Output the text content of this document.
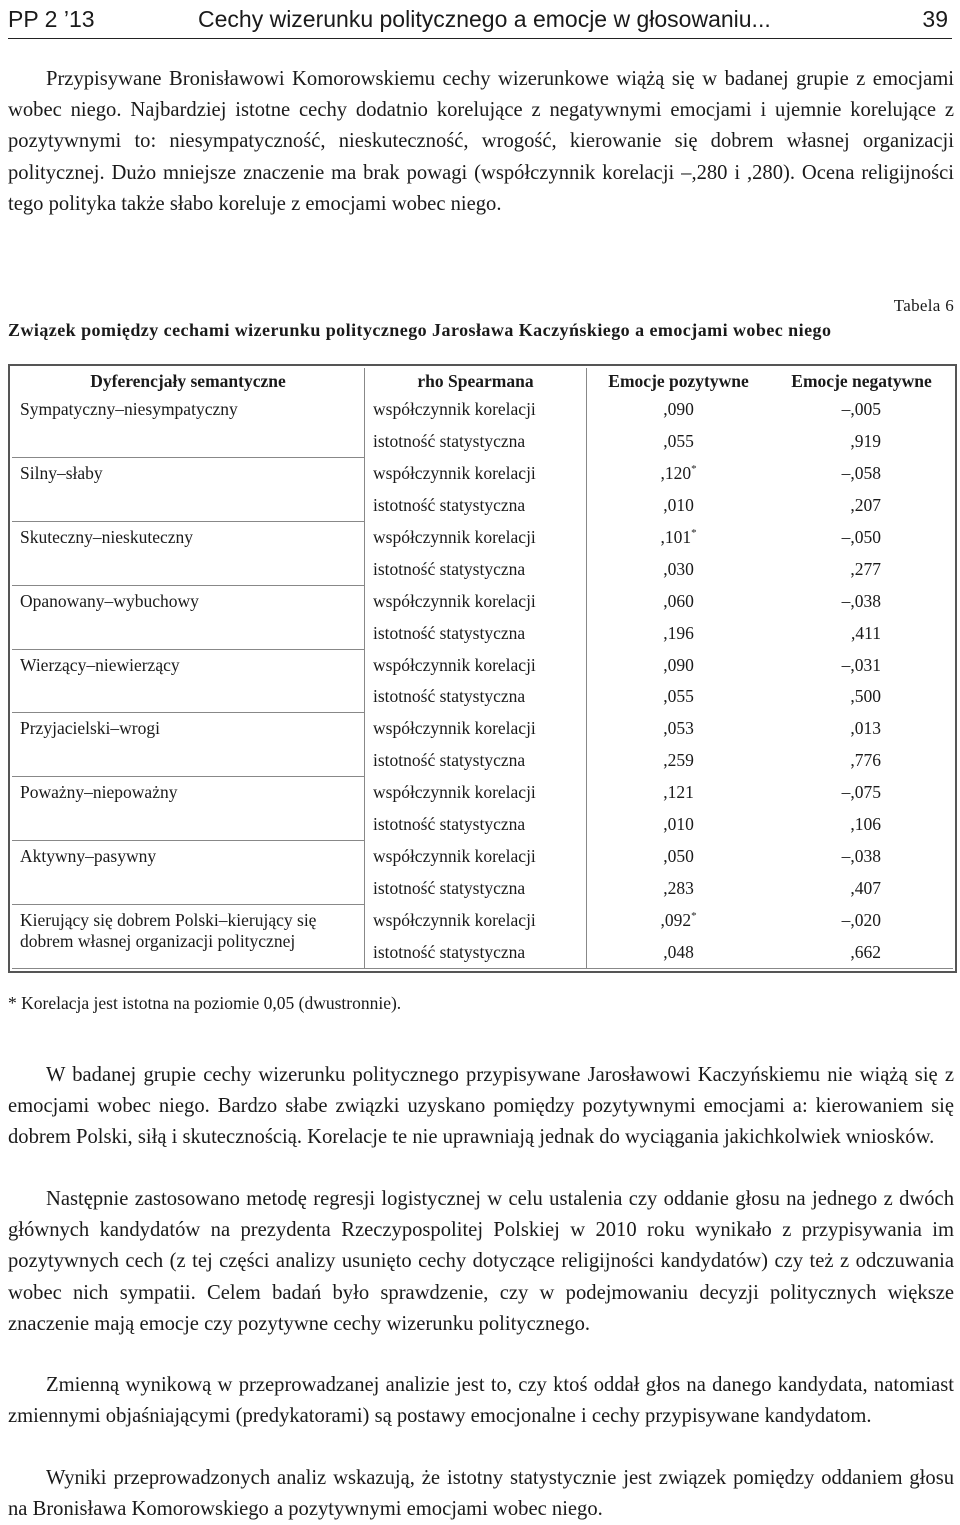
PP 2 ’13	Cechy wizerunku politycznego a emocje w głosowaniu...	39

Przypisywane Bronisławowi Komorowskiemu cechy wizerunkowe wiążą się w badanej grupie z emocjami wobec niego. Najbardziej istotne cechy dodatnio korelujące z negatywnymi emocjami i ujemnie korelujące z pozytywnymi to: niesympatyczność, nieskuteczność, wrogość, kierowanie się dobrem własnej organizacji politycznej. Dużo mniejsze znaczenie ma brak powagi (współczynnik korelacji –,280 i ,280). Ocena religijności tego polityka także słabo koreluje z emocjami wobec niego.

Tabela 6
Związek pomiędzy cechami wizerunku politycznego Jarosława Kaczyńskiego a emocjami wobec niego
Dyferencjały semantyczne	rho Spearmana	Emocje pozytywne	Emocje negatywne
Sympatyczny–niesympatyczny	współczynnik korelacji	,090	–,005
	istotność statystyczna	,055	,919
Silny–słaby	współczynnik korelacji	,120*	–,058
	istotność statystyczna	,010	,207
Skuteczny–nieskuteczny	współczynnik korelacji	,101*	–,050
	istotność statystyczna	,030	,277
Opanowany–wybuchowy	współczynnik korelacji	,060	–,038
	istotność statystyczna	,196	,411
Wierzący–niewierzący	współczynnik korelacji	,090	–,031
	istotność statystyczna	,055	,500
Przyjacielski–wrogi	współczynnik korelacji	,053	,013
	istotność statystyczna	,259	,776
Poważny–niepoważny	współczynnik korelacji	,121	–,075
	istotność statystyczna	,010	,106
Aktywny–pasywny	współczynnik korelacji	,050	–,038
	istotność statystyczna	,283	,407
Kierujący się dobrem Polski–kierujący się
dobrem własnej organizacji politycznej	współczynnik korelacji	,092*	–,020
	istotność statystyczna	,048	,662
* Korelacja jest istotna na poziomie 0,05 (dwustronnie).

W badanej grupie cechy wizerunku politycznego przypisywane Jarosławowi Kaczyńskiemu nie wiążą się z emocjami wobec niego. Bardzo słabe związki uzyskano pomiędzy pozytywnymi emocjami a: kierowaniem się dobrem Polski, siłą i skutecznością. Korelacje te nie uprawniają jednak do wyciągania jakichkolwiek wniosków.

Następnie zastosowano metodę regresji logistycznej w celu ustalenia czy oddanie głosu na jednego z dwóch głównych kandydatów na prezydenta Rzeczypospolitej Polskiej w 2010 roku wynikało z przypisywania im pozytywnych cech (z tej części analizy usunięto cechy dotyczące religijności kandydatów) czy też z odczuwania wobec nich sympatii. Celem badań było sprawdzenie, czy w podejmowaniu decyzji politycznych większe znaczenie mają emocje czy pozytywne cechy wizerunku politycznego.

Zmienną wynikową w przeprowadzanej analizie jest to, czy ktoś oddał głos na danego kandydata, natomiast zmiennymi objaśniającymi (predykatorami) są postawy emocjonalne i cechy przypisywane kandydatom.

Wyniki przeprowadzonych analiz wskazują, że istotny statystycznie jest związek pomiędzy oddaniem głosu na Bronisława Komorowskiego a pozytywnymi emocjami wobec niego.
